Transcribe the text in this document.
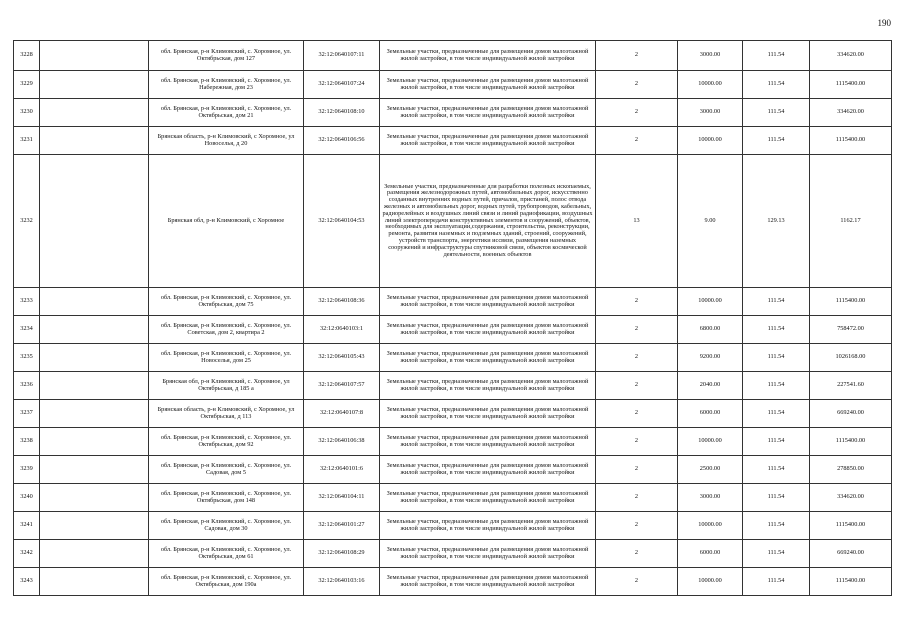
190
3228		обл. Брянская, р-н Климовский, с. Хоромное, ул. Октябрьская, дом 127	32:12:0640107:11	Земельные участки, предназначенные для размещения домов малоэтажной жилой застройки, в том числе индивидуальной жилой застройки	2	3000.00	111.54	334620.00
3229		обл. Брянская, р-н Климовский, с. Хоромное, ул. Набережная, дом 23	32:12:0640107:24	Земельные участки, предназначенные для размещения домов малоэтажной жилой застройки, в том числе индивидуальной жилой застройки	2	10000.00	111.54	1115400.00
3230		обл. Брянская, р-н Климовский, с. Хоромное, ул. Октябрьская, дом 21	32:12:0640108:10	Земельные участки, предназначенные для размещения домов малоэтажной жилой застройки, в том числе индивидуальной жилой застройки	2	3000.00	111.54	334620.00
3231		Брянская область, р-н Климовский, с Хоромное, ул Новоселья, д 20	32:12:0640106:56	Земельные участки, предназначенные для размещения домов малоэтажной жилой застройки, в том числе индивидуальной жилой застройки	2	10000.00	111.54	1115400.00
3232		Брянская обл, р-н Климовский, с Хоромное	32:12:0640104:53	Земельные участки, предназначенные для разработки полезных ископаемых, размещения железнодорожных путей, автомобильных дорог, искусственно созданных внутренних водных путей, причалов, пристаней, полос отвода железных и автомобильных дорог, водных путей, трубопроводов, кабельных, радиорелейных и воздушных линий связи и линий радиофикации, воздушных линий электропередачи конструктивных элементов и сооружений, объектов, необходимых для эксплуатации,содержания, строительства, реконструкции, ремонта, развития наземных и подземных зданий, строений, сооружений, устройств транспорта, энергетики иссвязи, размещения наземных сооружений и инфраструктуры спутниковой связи, объектов космической деятельности, военных объектов	13	9.00	129.13	1162.17
3233		обл. Брянская, р-н Климовский, с. Хоромное, ул. Октябрьская, дом 75	32:12:0640108:36	Земельные участки, предназначенные для размещения домов малоэтажной жилой застройки, в том числе индивидуальной жилой застройки	2	10000.00	111.54	1115400.00
3234		обл. Брянская, р-н Климовский, с. Хоромное, ул. Советская, дом 2, квартира 2	32:12:0640103:1	Земельные участки, предназначенные для размещения домов малоэтажной жилой застройки, в том числе индивидуальной жилой застройки	2	6800.00	111.54	758472.00
3235		обл. Брянская, р-н Климовский, с. Хоромное, ул. Новоселья, дом 25	32:12:0640105:43	Земельные участки, предназначенные для размещения домов малоэтажной жилой застройки, в том числе индивидуальной жилой застройки	2	9200.00	111.54	1026168.00
3236		Брянская обл, р-н Климовский, с. Хоромное, ул Октябрьская, д 185 а	32:12:0640107:57	Земельные участки, предназначенные для размещения домов малоэтажной жилой застройки, в том числе индивидуальной жилой застройки	2	2040.00	111.54	227541.60
3237		Брянская область, р-н Климовский, с Хоромное, ул Октябрьская, д 113	32:12:0640107:8	Земельные участки, предназначенные для размещения домов малоэтажной жилой застройки, в том числе индивидуальной жилой застройки	2	6000.00	111.54	669240.00
3238		обл. Брянская, р-н Климовский, с. Хоромное, ул. Октябрьская, дом 92	32:12:0640106:38	Земельные участки, предназначенные для размещения домов малоэтажной жилой застройки, в том числе индивидуальной жилой застройки	2	10000.00	111.54	1115400.00
3239		обл. Брянская, р-н Климовский, с. Хоромное, ул. Садовая, дом 5	32:12:0640101:6	Земельные участки, предназначенные для размещения домов малоэтажной жилой застройки, в том числе индивидуальной жилой застройки	2	2500.00	111.54	278850.00
3240		обл. Брянская, р-н Климовский, с. Хоромное, ул. Октябрьская, дом 148	32:12:0640104:11	Земельные участки, предназначенные для размещения домов малоэтажной жилой застройки, в том числе индивидуальной жилой застройки	2	3000.00	111.54	334620.00
3241		обл. Брянская, р-н Климовский, с. Хоромное, ул. Садовая, дом 30	32:12:0640101:27	Земельные участки, предназначенные для размещения домов малоэтажной жилой застройки, в том числе индивидуальной жилой застройки	2	10000.00	111.54	1115400.00
3242		обл. Брянская, р-н Климовский, с. Хоромное, ул. Октябрьская, дом 61	32:12:0640108:29	Земельные участки, предназначенные для размещения домов малоэтажной жилой застройки, в том числе индивидуальной жилой застройки	2	6000.00	111.54	669240.00
3243		обл. Брянская, р-н Климовский, с. Хоромное, ул. Октябрьская, дом 190а	32:12:0640103:16	Земельные участки, предназначенные для размещения домов малоэтажной жилой застройки, в том числе индивидуальной жилой застройки	2	10000.00	111.54	1115400.00
